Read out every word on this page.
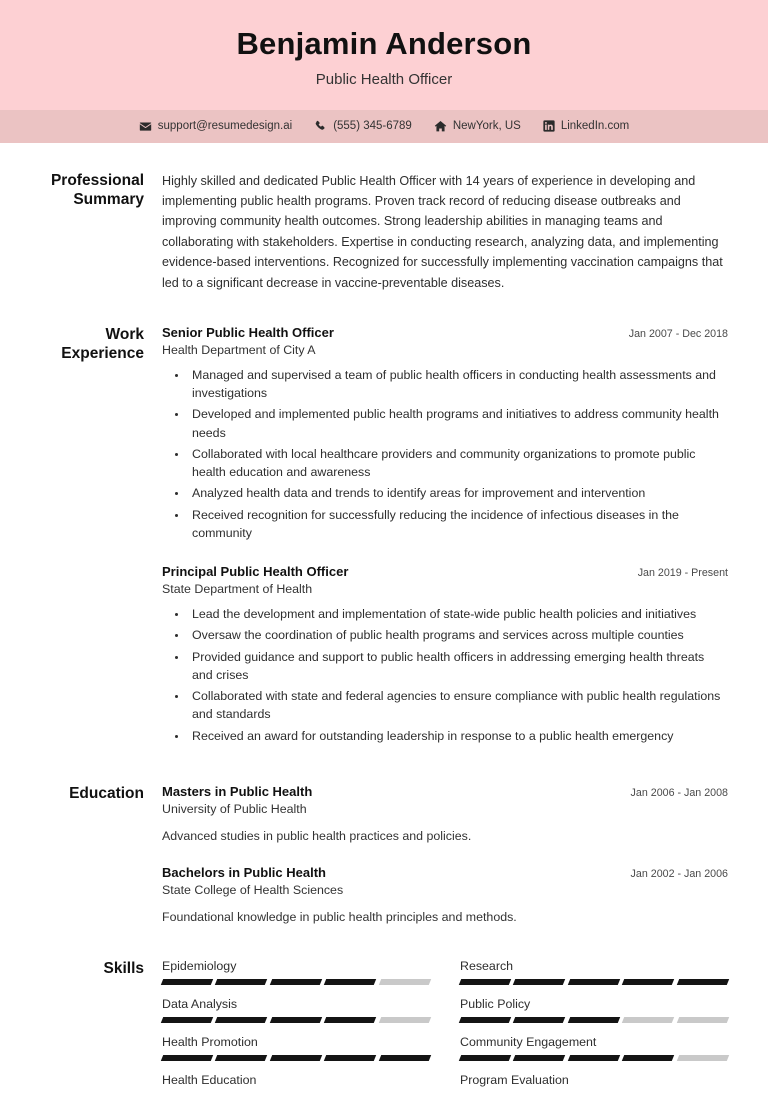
Benjamin Anderson
Public Health Officer
support@resumedesign.ai	(555) 345-6789	NewYork, US	LinkedIn.com
Professional
Summary
Highly skilled and dedicated Public Health Officer with 14 years of experience in developing and implementing public health programs. Proven track record of reducing disease outbreaks and improving community health outcomes. Strong leadership abilities in managing teams and collaborating with stakeholders. Expertise in conducting research, analyzing data, and implementing evidence-based interventions. Recognized for successfully implementing vaccination campaigns that led to a significant decrease in vaccine-preventable diseases.
Work
Experience
Senior Public Health Officer	Jan 2007 - Dec 2018
Health Department of City A
• Managed and supervised a team of public health officers in conducting health assessments and investigations
• Developed and implemented public health programs and initiatives to address community health needs
• Collaborated with local healthcare providers and community organizations to promote public health education and awareness
• Analyzed health data and trends to identify areas for improvement and intervention
• Received recognition for successfully reducing the incidence of infectious diseases in the community
Principal Public Health Officer	Jan 2019 - Present
State Department of Health
• Lead the development and implementation of state-wide public health policies and initiatives
• Oversaw the coordination of public health programs and services across multiple counties
• Provided guidance and support to public health officers in addressing emerging health threats and crises
• Collaborated with state and federal agencies to ensure compliance with public health regulations and standards
• Received an award for outstanding leadership in response to a public health emergency
Education	Masters in Public Health	Jan 2006 - Jan 2008
University of Public Health
Advanced studies in public health practices and policies.
Bachelors in Public Health	Jan 2002 - Jan 2006
State College of Health Sciences
Foundational knowledge in public health principles and methods.
Skills	Epidemiology	Research
Data Analysis	Public Policy
Health Promotion	Community Engagement
Health Education	Program Evaluation
